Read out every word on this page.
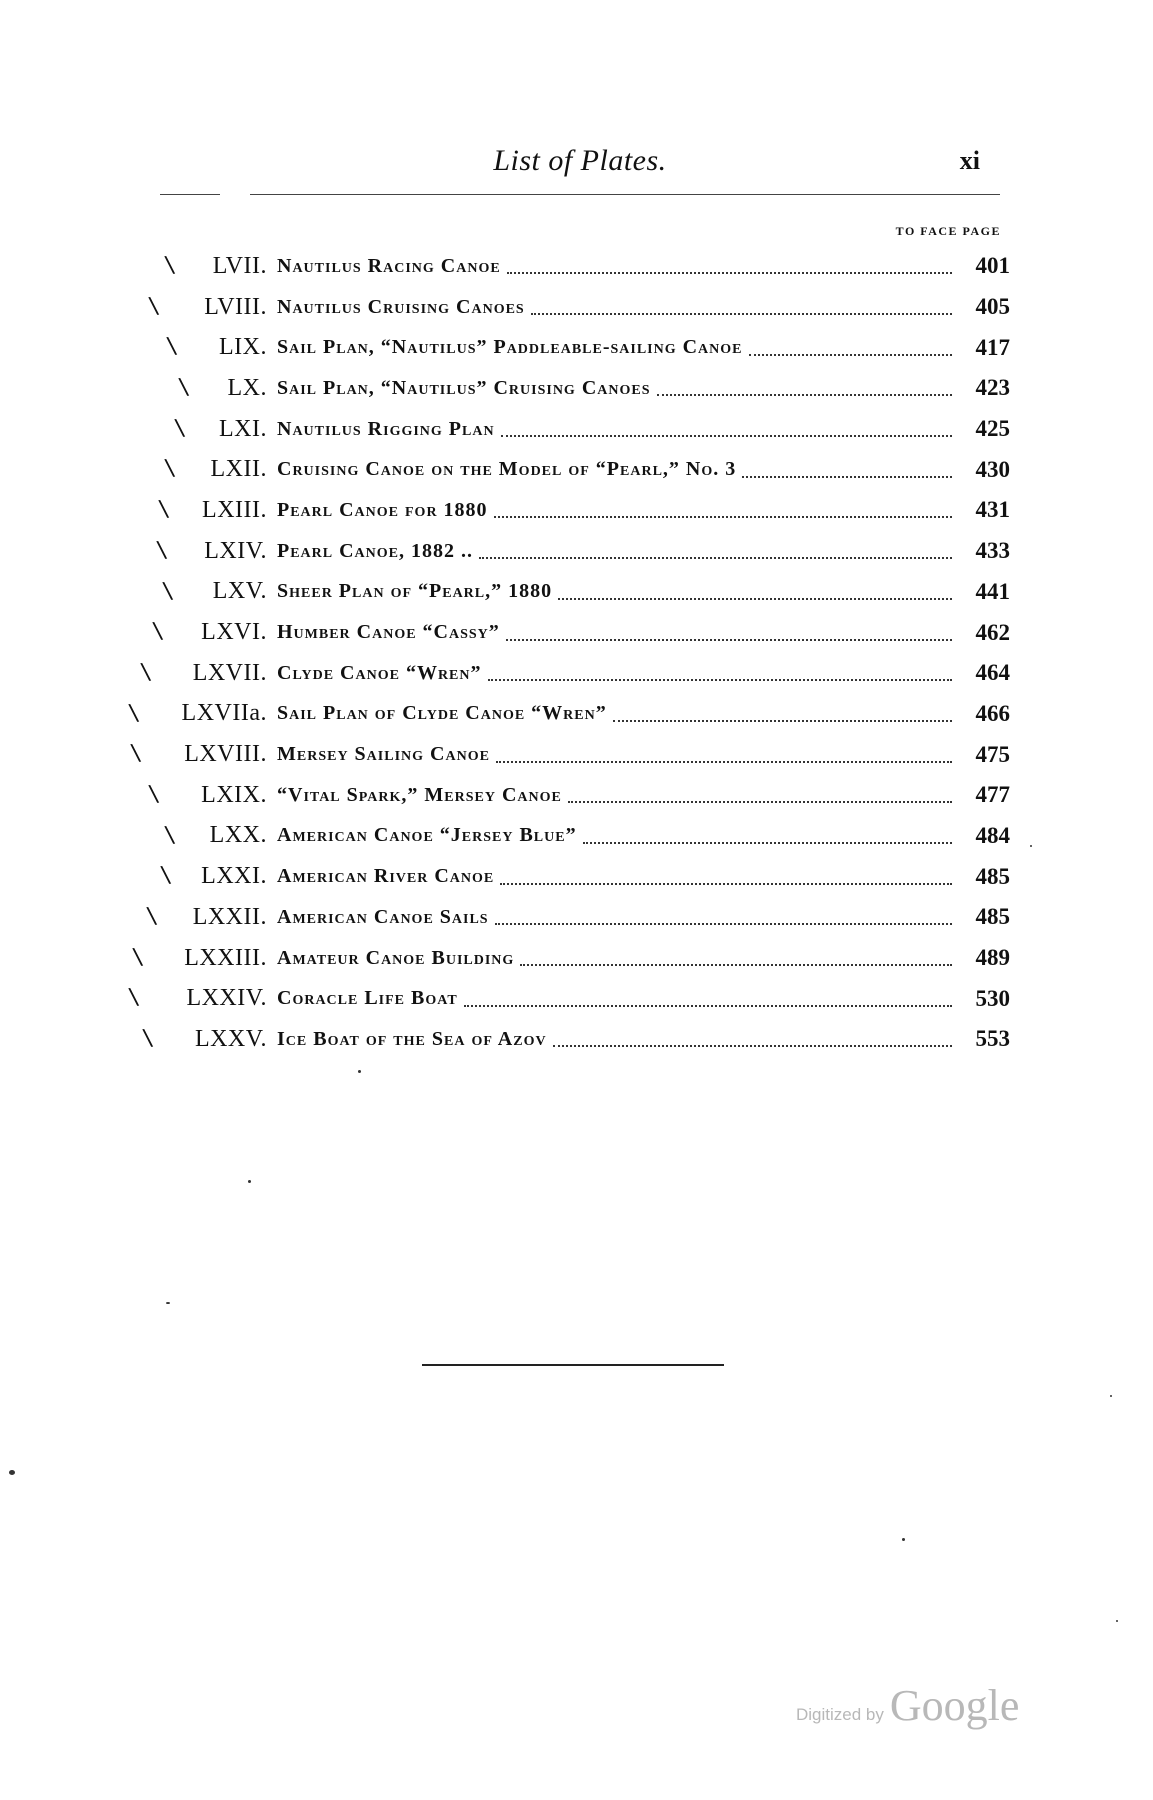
List of Plates.	xi
TO FACE PAGE
\	LVII. Nautilus Racing Canoe	401
\	LVIII. Nautilus Cruising Canoes	405
\	LIX. Sail Plan, “Nautilus” Paddleable-sailing Canoe	417
\	LX. Sail Plan, “Nautilus” Cruising Canoes	423
\	LXI. Nautilus Rigging Plan	425
\	LXII. Cruising Canoe on the Model of “Pearl,” No. 3	430
\	LXIII. Pearl Canoe for 1880	431
\	LXIV. Pearl Canoe, 1882 ..	433
\	LXV. Sheer Plan of “Pearl,” 1880	441
\	LXVI. Humber Canoe “Cassy”	462
\	LXVII. Clyde Canoe “Wren”	464
\	LXVIIa. Sail Plan of Clyde Canoe “Wren”	466
\	LXVIII. Mersey Sailing Canoe	475
\	LXIX. “Vital Spark,” Mersey Canoe	477
\	LXX. American Canoe “Jersey Blue”	484
\	LXXI. American River Canoe	485
\	LXXII. American Canoe Sails	485
\	LXXIII. Amateur Canoe Building	489
\	LXXIV. Coracle Life Boat	530
\	LXXV. Ice Boat of the Sea of Azov	553
Digitized by Google
